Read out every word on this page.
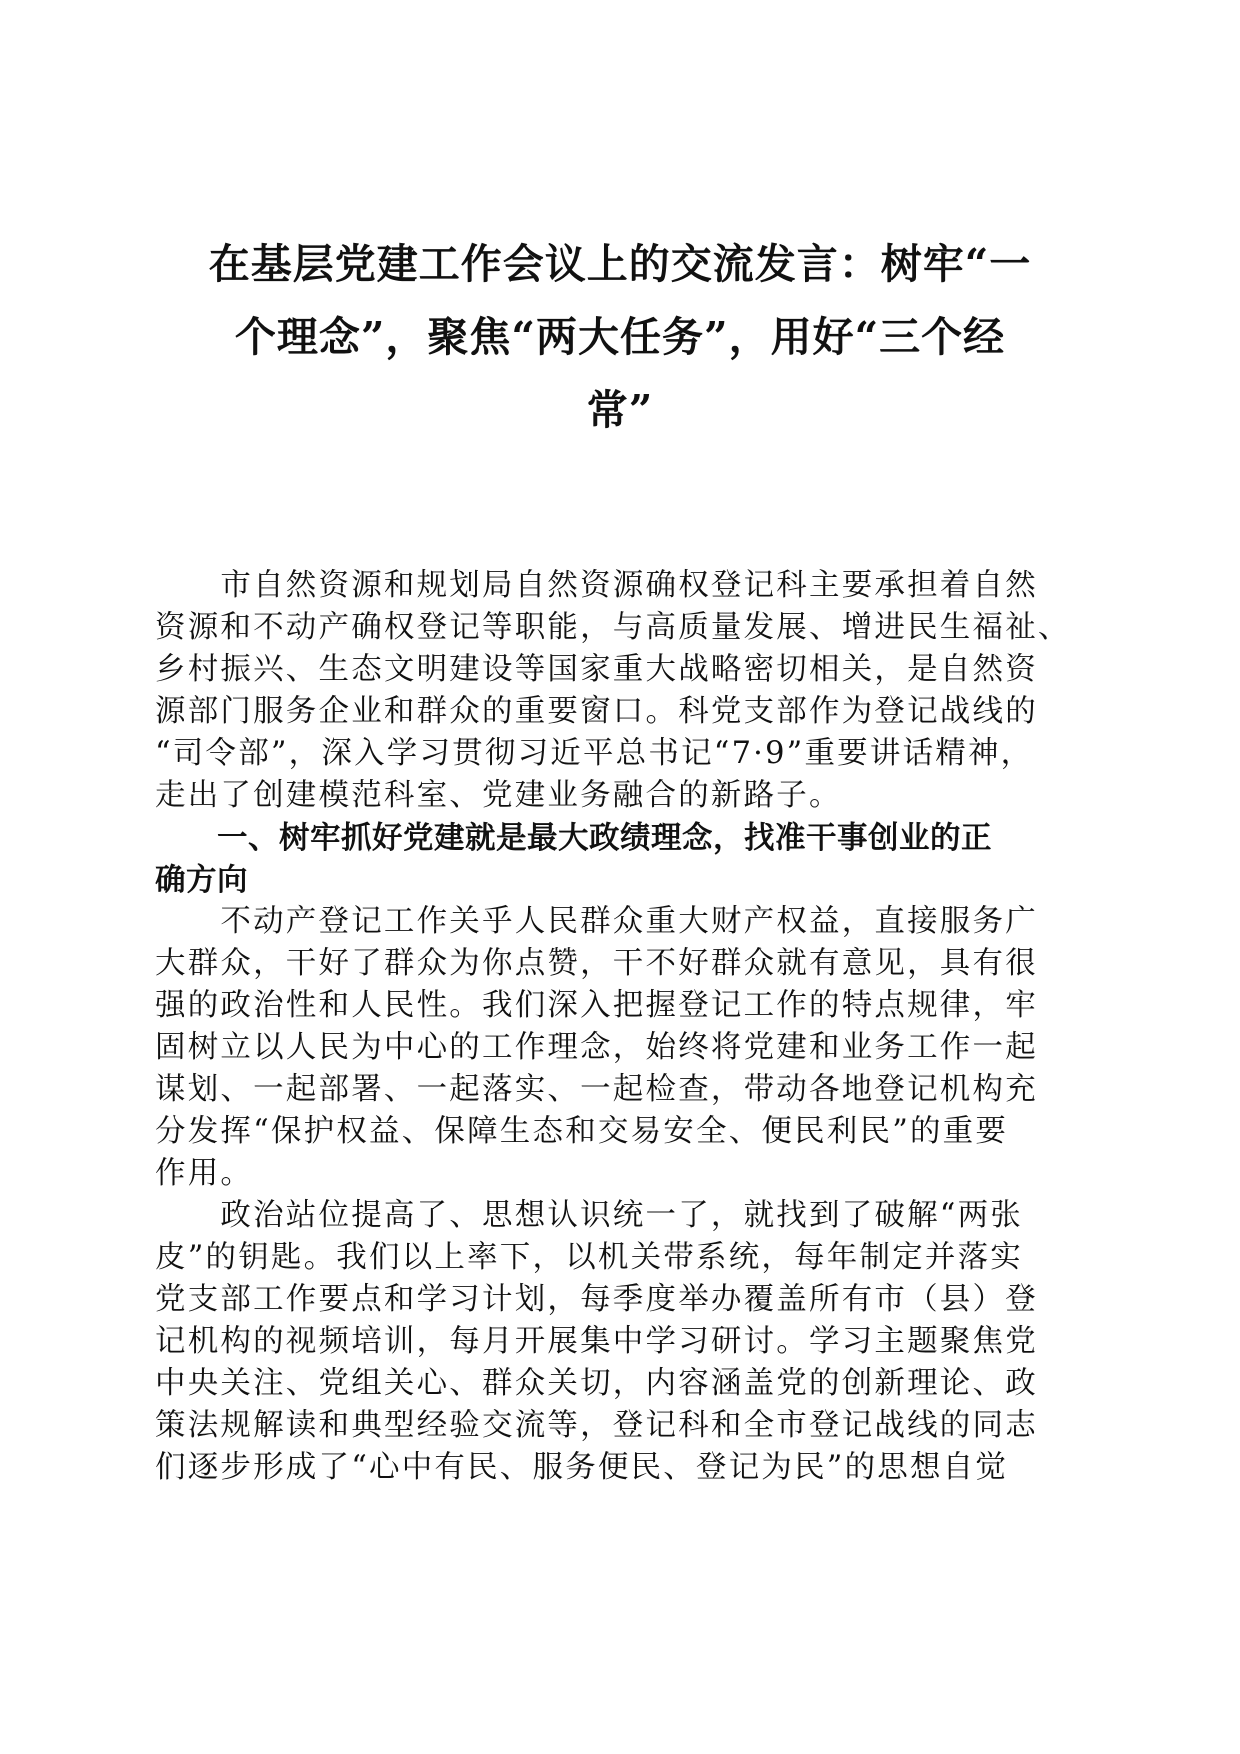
在基层党建工作会议上的交流发言：树牢“一
个理念”，聚焦“两大任务”，用好“三个经
常”

　　市自然资源和规划局自然资源确权登记科主要承担着自然
资源和不动产确权登记等职能，与高质量发展、增进民生福祉、
乡村振兴、生态文明建设等国家重大战略密切相关，是自然资
源部门服务企业和群众的重要窗口。科党支部作为登记战线的
“司令部”，深入学习贯彻习近平总书记“7·9”重要讲话精神，
走出了创建模范科室、党建业务融合的新路子。

　　一、树牢抓好党建就是最大政绩理念，找准干事创业的正
确方向

　　不动产登记工作关乎人民群众重大财产权益，直接服务广
大群众，干好了群众为你点赞，干不好群众就有意见，具有很
强的政治性和人民性。我们深入把握登记工作的特点规律，牢
固树立以人民为中心的工作理念，始终将党建和业务工作一起
谋划、一起部署、一起落实、一起检查，带动各地登记机构充
分发挥“保护权益、保障生态和交易安全、便民利民”的重要
作用。

　　政治站位提高了、思想认识统一了，就找到了破解“两张
皮”的钥匙。我们以上率下，以机关带系统，每年制定并落实
党支部工作要点和学习计划，每季度举办覆盖所有市（县）登
记机构的视频培训，每月开展集中学习研讨。学习主题聚焦党
中央关注、党组关心、群众关切，内容涵盖党的创新理论、政
策法规解读和典型经验交流等，登记科和全市登记战线的同志
们逐步形成了“心中有民、服务便民、登记为民”的思想自觉
